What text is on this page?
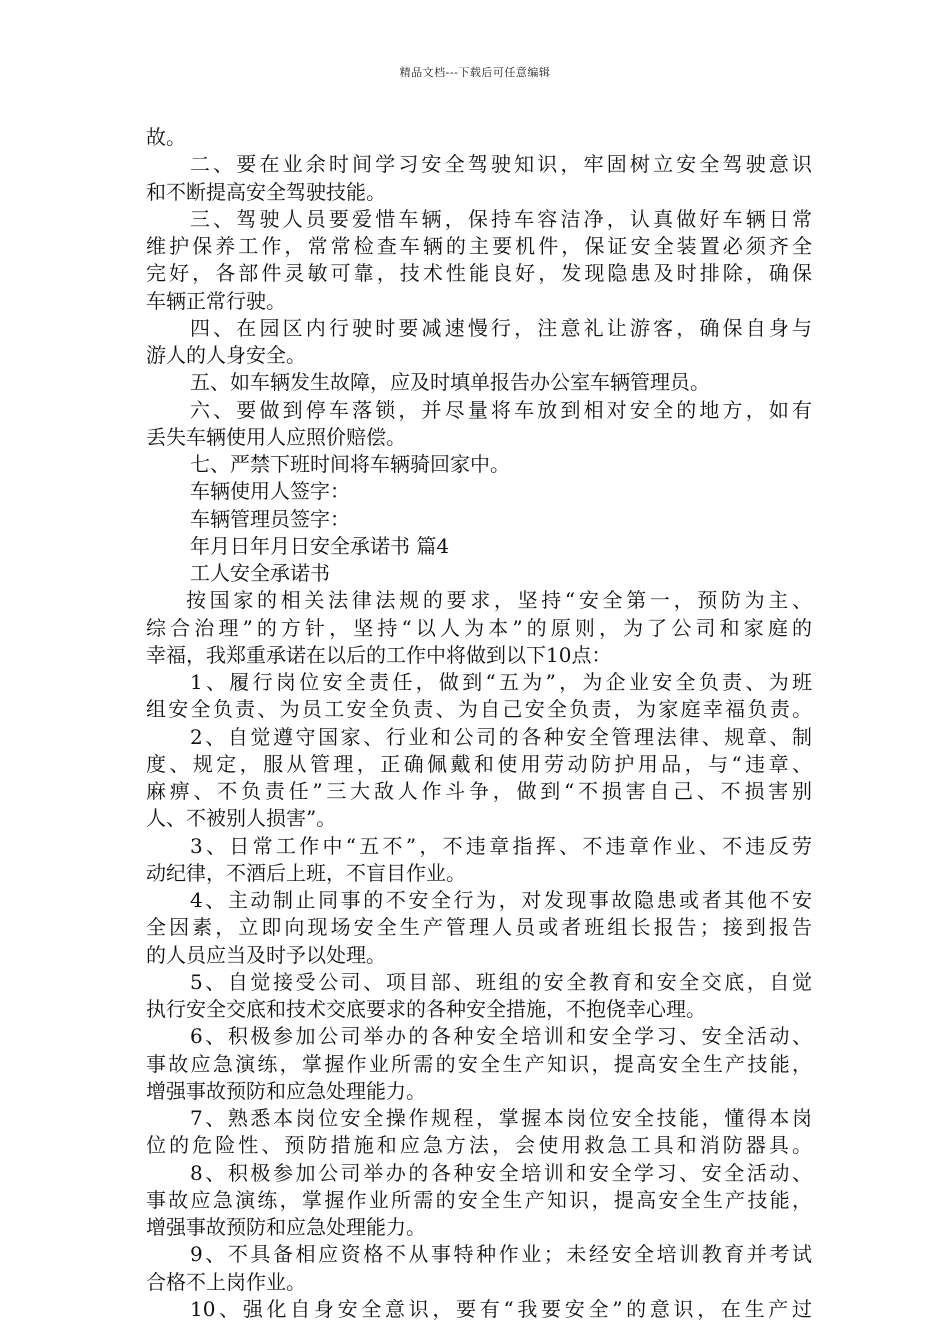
精品文档---下载后可任意编辑
故。
二、要在业余时间学习安全驾驶知识，牢固树立安全驾驶意识
和不断提高安全驾驶技能。
三、驾驶人员要爱惜车辆，保持车容洁净，认真做好车辆日常
维护保养工作，常常检查车辆的主要机件，保证安全装置必须齐全
完好，各部件灵敏可靠，技术性能良好，发现隐患及时排除，确保
车辆正常行驶。
四、在园区内行驶时要减速慢行，注意礼让游客，确保自身与
游人的人身安全。
五、如车辆发生故障，应及时填单报告办公室车辆管理员。
六、要做到停车落锁，并尽量将车放到相对安全的地方，如有
丢失车辆使用人应照价赔偿。
七、严禁下班时间将车辆骑回家中。
车辆使用人签字：
车辆管理员签字：
年月日年月日安全承诺书 篇4
工人安全承诺书
按国家的相关法律法规的要求，坚持“安全第一，预防为主、
综合治理”的方针，坚持“以人为本”的原则，为了公司和家庭的
幸福，我郑重承诺在以后的工作中将做到以下10点：
1、履行岗位安全责任，做到“五为”，为企业安全负责、为班
组安全负责、为员工安全负责、为自己安全负责，为家庭幸福负责。
2、自觉遵守国家、行业和公司的各种安全管理法律、规章、制
度、规定，服从管理，正确佩戴和使用劳动防护用品，与“违章、
麻痹、不负责任”三大敌人作斗争，做到“不损害自己、不损害别
人、不被别人损害”。
3、日常工作中“五不”，不违章指挥、不违章作业、不违反劳
动纪律，不酒后上班，不盲目作业。
4、主动制止同事的不安全行为，对发现事故隐患或者其他不安
全因素，立即向现场安全生产管理人员或者班组长报告；接到报告
的人员应当及时予以处理。
5、自觉接受公司、项目部、班组的安全教育和安全交底，自觉
执行安全交底和技术交底要求的各种安全措施，不抱侥幸心理。
6、积极参加公司举办的各种安全培训和安全学习、安全活动、
事故应急演练，掌握作业所需的安全生产知识，提高安全生产技能，
增强事故预防和应急处理能力。
7、熟悉本岗位安全操作规程，掌握本岗位安全技能，懂得本岗
位的危险性、预防措施和应急方法，会使用救急工具和消防器具。
8、积极参加公司举办的各种安全培训和安全学习、安全活动、
事故应急演练，掌握作业所需的安全生产知识，提高安全生产技能，
增强事故预防和应急处理能力。
9、不具备相应资格不从事特种作业；未经安全培训教育并考试
合格不上岗作业。
10、强化自身安全意识，要有“我要安全”的意识，在生产过
